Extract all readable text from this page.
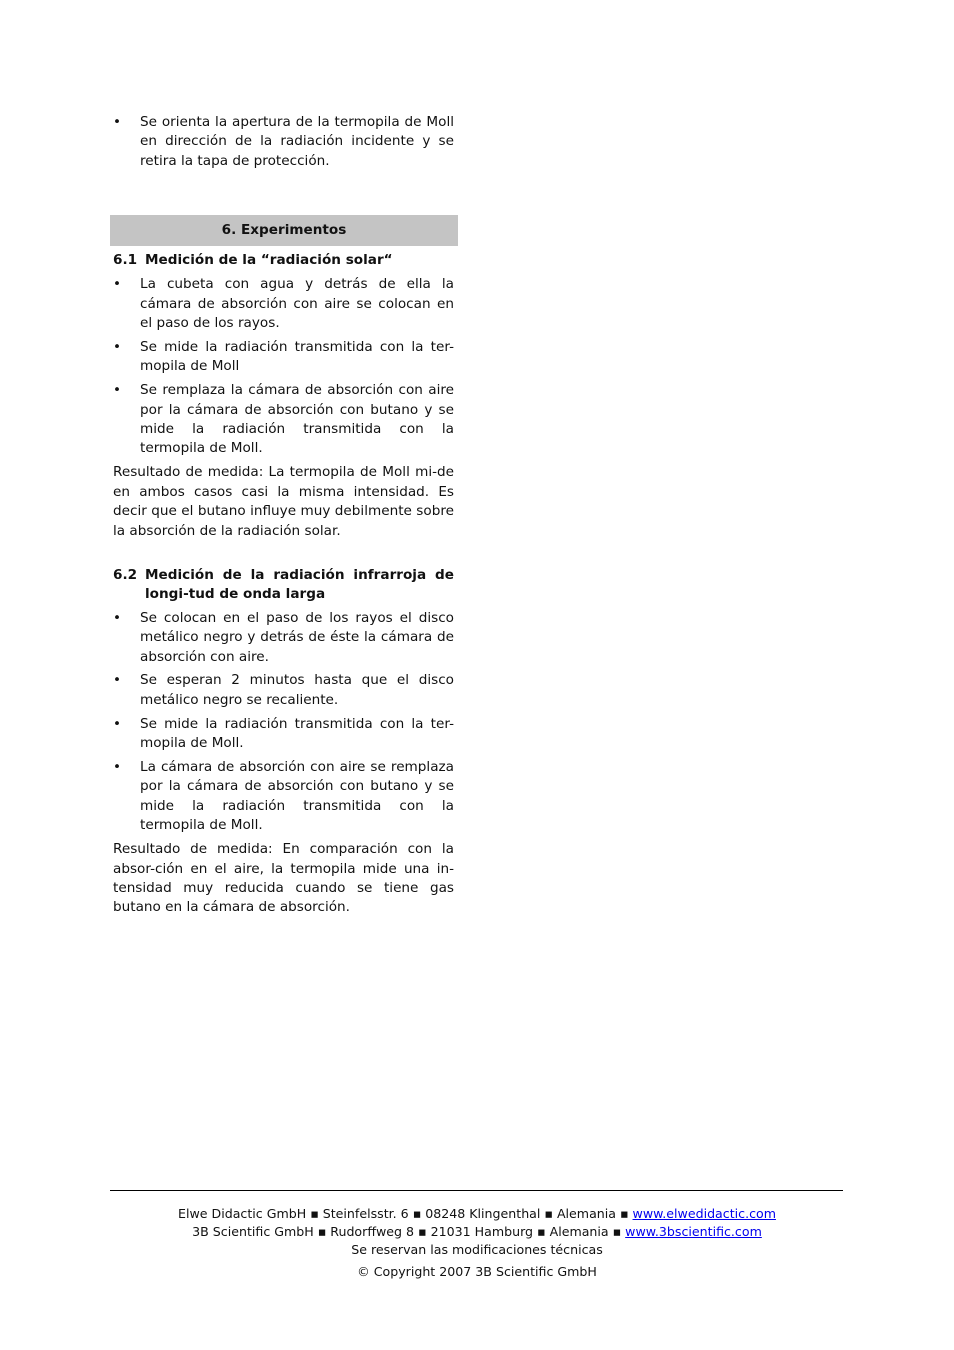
•	Se orienta la apertura de la termopila de Moll en dirección de la radiación incidente y se retira la tapa de protección.
6. Experimentos
6.1 Medición de la “radiación solar“
•	La cubeta con agua y detrás de ella la cámara de absorción con aire se colocan en el paso de los rayos.
•	Se mide la radiación transmitida con la ter-mopila de Moll
•	Se remplaza la cámara de absorción con aire por la cámara de absorción con butano y se mide la radiación transmitida con la termopila de Moll.
Resultado de medida: La termopila de Moll mi-de en ambos casos casi la misma intensidad. Es decir que el butano influye muy debilmente sobre la absorción de la radiación solar.
6.2 Medición de la radiación infrarroja de longi-tud de onda larga
•	Se colocan en el paso de los rayos el disco metálico negro y detrás de éste la cámara de absorción con aire.
•	Se esperan 2 minutos hasta que el disco metálico negro se recaliente.
•	Se mide la radiación transmitida con la ter-mopila de Moll.
•	La cámara de absorción con aire se remplaza por la cámara de absorción con butano y se mide la radiación transmitida con la termopila de Moll.
Resultado de medida: En comparación con la absor-ción en el aire, la termopila mide una in-tensidad muy reducida cuando se tiene gas butano en la cámara de absorción.
Elwe Didactic GmbH ▪ Steinfelsstr. 6 ▪ 08248 Klingenthal ▪ Alemania ▪ www.elwedidactic.com
3B Scientific GmbH ▪ Rudorffweg 8 ▪ 21031 Hamburg ▪ Alemania ▪ www.3bscientific.com
Se reservan las modificaciones técnicas
© Copyright 2007 3B Scientific GmbH
